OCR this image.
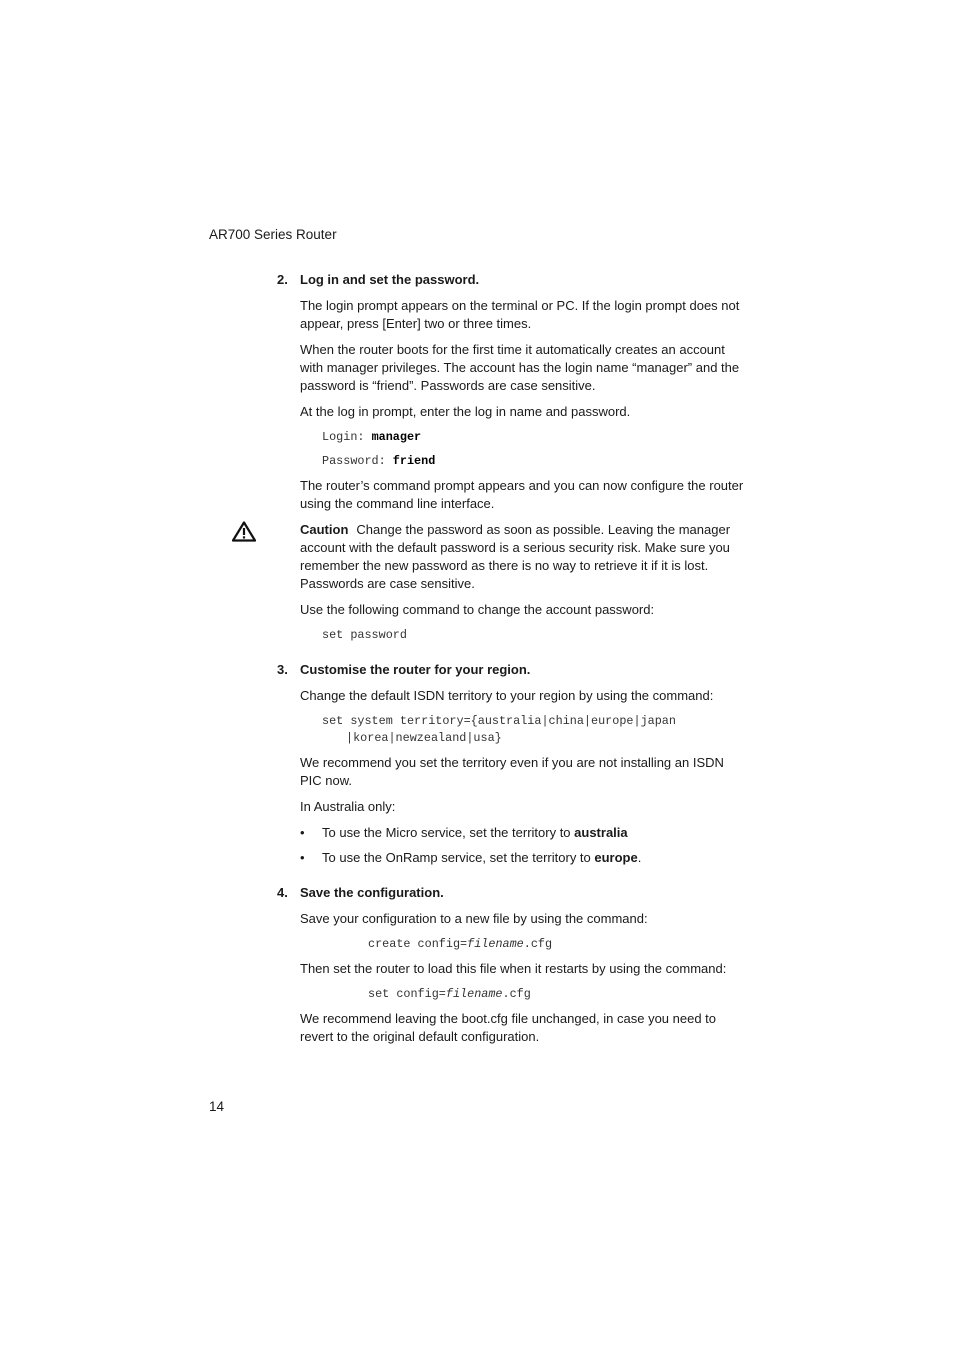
AR700 Series Router
2. Log in and set the password.

The login prompt appears on the terminal or PC. If the login prompt does not appear, press [Enter] two or three times.

When the router boots for the first time it automatically creates an account with manager privileges. The account has the login name “manager” and the password is “friend”. Passwords are case sensitive.

At the log in prompt, enter the log in name and password.

Login: manager
Password: friend

The router’s command prompt appears and you can now configure the router using the command line interface.

Caution Change the password as soon as possible. Leaving the manager account with the default password is a serious security risk. Make sure you remember the new password as there is no way to retrieve it if it is lost. Passwords are case sensitive.

Use the following command to change the account password:

set password
3. Customise the router for your region.

Change the default ISDN territory to your region by using the command:

set system territory={australia|china|europe|japan
|korea|newzealand|usa}

We recommend you set the territory even if you are not installing an ISDN PIC now.

In Australia only:

• To use the Micro service, set the territory to australia
• To use the OnRamp service, set the territory to europe.
4. Save the configuration.

Save your configuration to a new file by using the command:

create config=filename.cfg

Then set the router to load this file when it restarts by using the command:

set config=filename.cfg

We recommend leaving the boot.cfg file unchanged, in case you need to revert to the original default configuration.

14
